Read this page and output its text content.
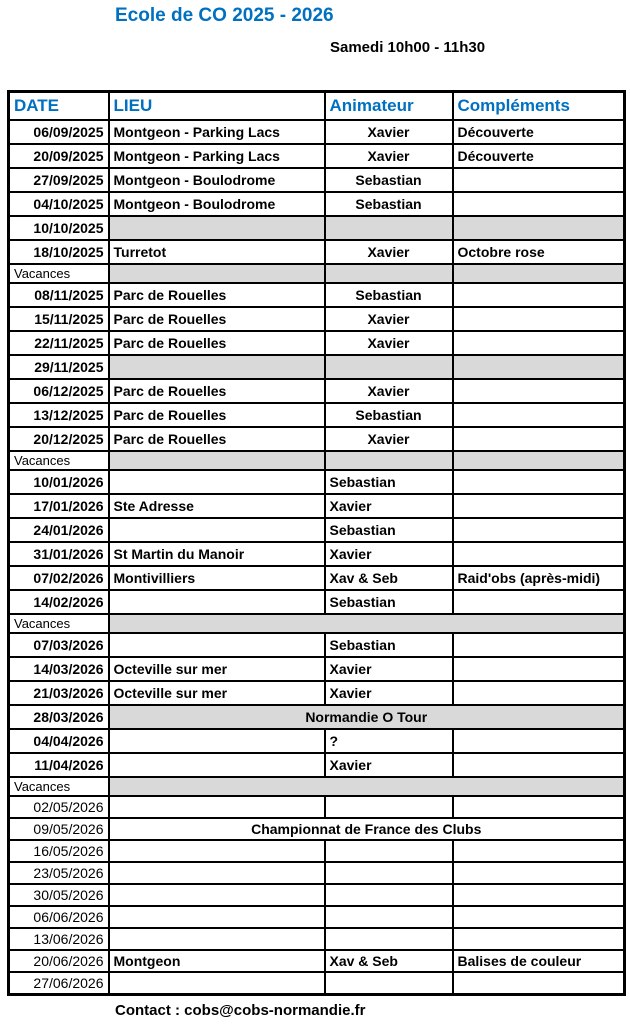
Ecole de CO 2025 - 2026
Samedi 10h00 - 11h30
DATE	LIEU	Animateur	Compléments
06/09/2025	Montgeon - Parking Lacs	Xavier	Découverte
20/09/2025	Montgeon - Parking Lacs	Xavier	Découverte
27/09/2025	Montgeon - Boulodrome	Sebastian	
04/10/2025	Montgeon - Boulodrome	Sebastian	
10/10/2025			
18/10/2025	Turretot	Xavier	Octobre rose
Vacances			
08/11/2025	Parc de Rouelles	Sebastian	
15/11/2025	Parc de Rouelles	Xavier	
22/11/2025	Parc de Rouelles	Xavier	
29/11/2025			
06/12/2025	Parc de Rouelles	Xavier	
13/12/2025	Parc de Rouelles	Sebastian	
20/12/2025	Parc de Rouelles	Xavier	
Vacances			
10/01/2026		Sebastian	
17/01/2026	Ste Adresse	Xavier	
24/01/2026		Sebastian	
31/01/2026	St Martin du Manoir	Xavier	
07/02/2026	Montivilliers	Xav & Seb	Raid'obs (après-midi)
14/02/2026		Sebastian	
Vacances			
07/03/2026		Sebastian	
14/03/2026	Octeville sur mer	Xavier	
21/03/2026	Octeville sur mer	Xavier	
28/03/2026	Normandie O Tour		
04/04/2026		?	
11/04/2026		Xavier	
Vacances			
02/05/2026			
09/05/2026	Championnat de France des Clubs		
16/05/2026			
23/05/2026			
30/05/2026			
06/06/2026			
13/06/2026			
20/06/2026	Montgeon	Xav & Seb	Balises de couleur
27/06/2026			
Contact : cobs@cobs-normandie.fr
